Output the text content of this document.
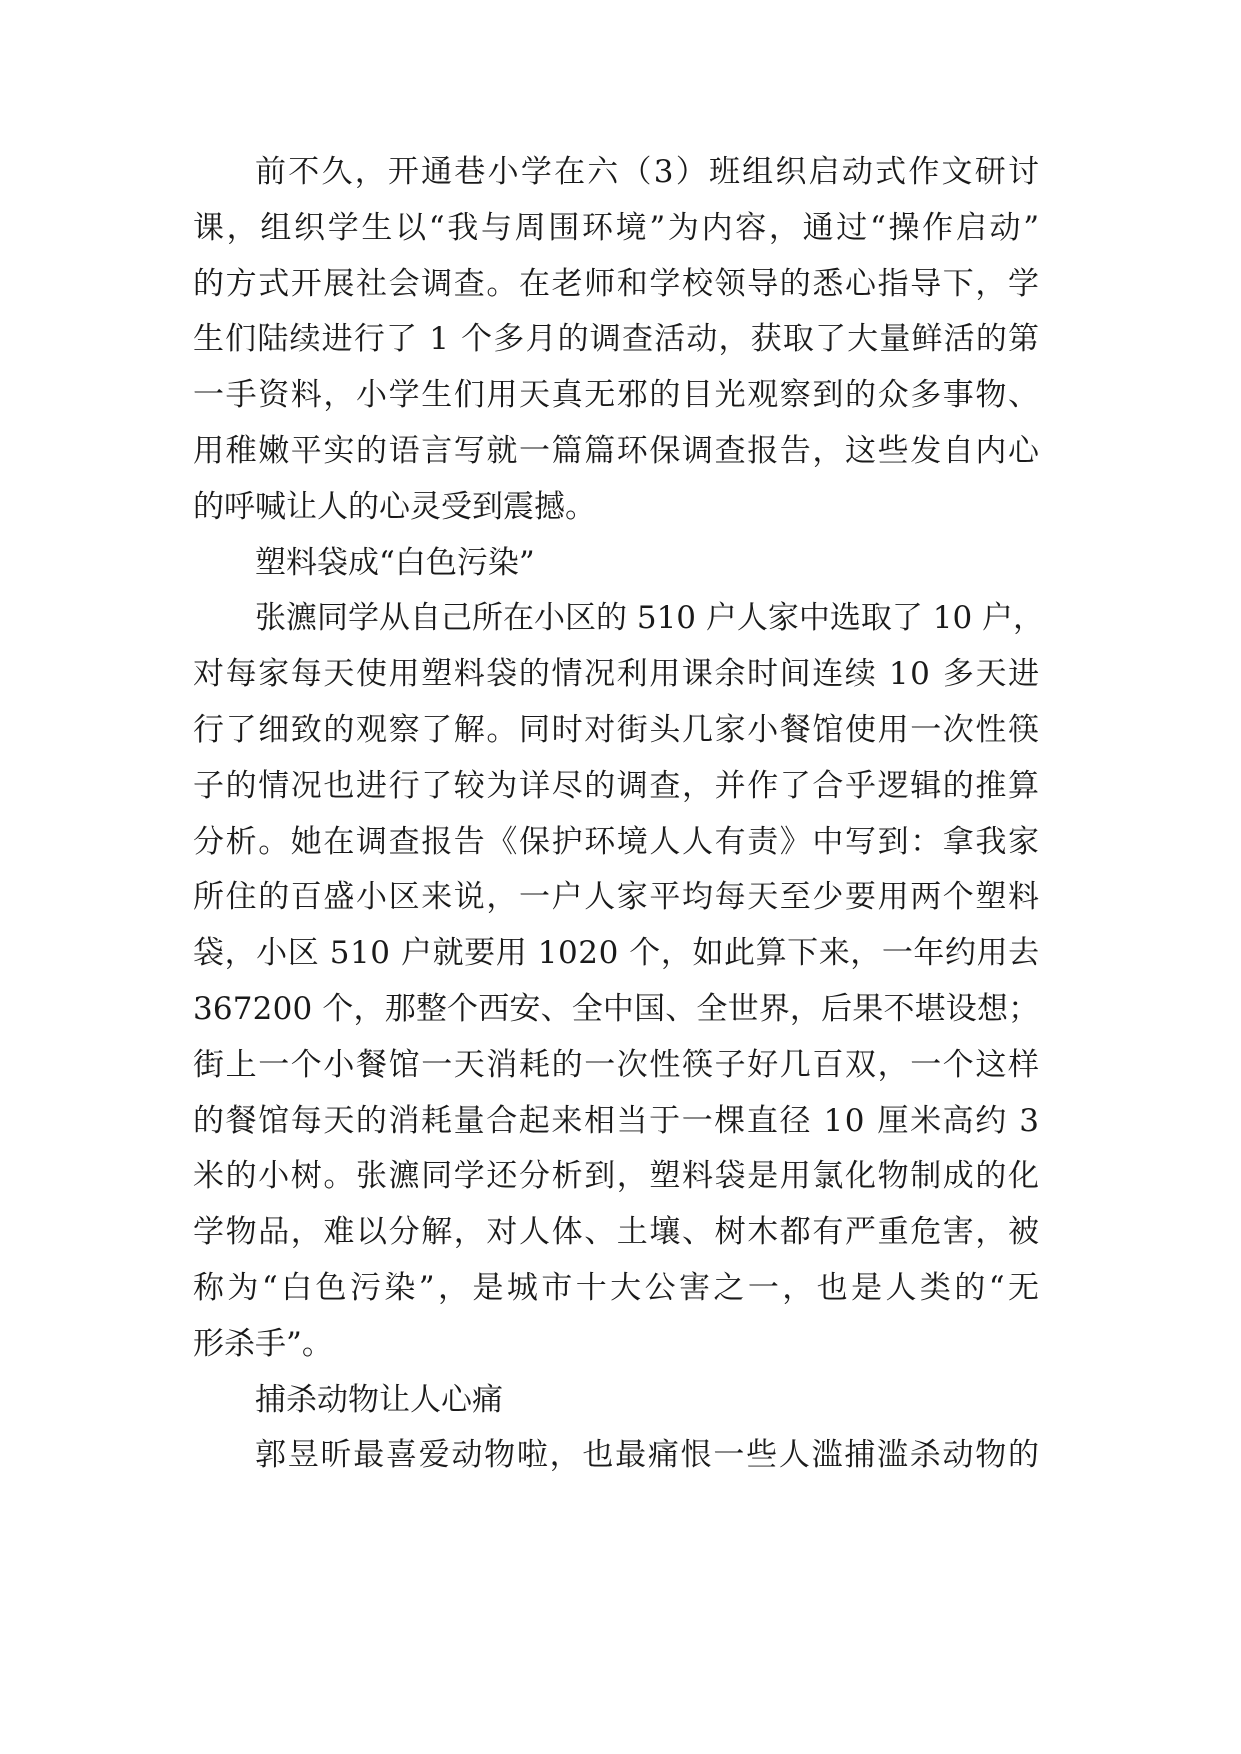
前不久，开通巷小学在六（3）班组织启动式作文研讨
课，组织学生以“我与周围环境”为内容，通过“操作启动”
的方式开展社会调查。在老师和学校领导的悉心指导下，学
生们陆续进行了 1 个多月的调查活动，获取了大量鲜活的第
一手资料，小学生们用天真无邪的目光观察到的众多事物、
用稚嫩平实的语言写就一篇篇环保调查报告，这些发自内心
的呼喊让人的心灵受到震撼。
塑料袋成“白色污染”
张瀌同学从自己所在小区的 510 户人家中选取了 10 户，
对每家每天使用塑料袋的情况利用课余时间连续 10 多天进
行了细致的观察了解。同时对街头几家小餐馆使用一次性筷
子的情况也进行了较为详尽的调查，并作了合乎逻辑的推算
分析。她在调查报告《保护环境人人有责》中写到：拿我家
所住的百盛小区来说，一户人家平均每天至少要用两个塑料
袋，小区 510 户就要用 1020 个，如此算下来，一年约用去
367200 个，那整个西安、全中国、全世界，后果不堪设想；
街上一个小餐馆一天消耗的一次性筷子好几百双，一个这样
的餐馆每天的消耗量合起来相当于一棵直径 10 厘米高约 3
米的小树。张瀌同学还分析到，塑料袋是用氯化物制成的化
学物品，难以分解，对人体、土壤、树木都有严重危害，被
称为“白色污染”，是城市十大公害之一，也是人类的“无
形杀手”。
捕杀动物让人心痛
郭昱昕最喜爱动物啦，也最痛恨一些人滥捕滥杀动物的
